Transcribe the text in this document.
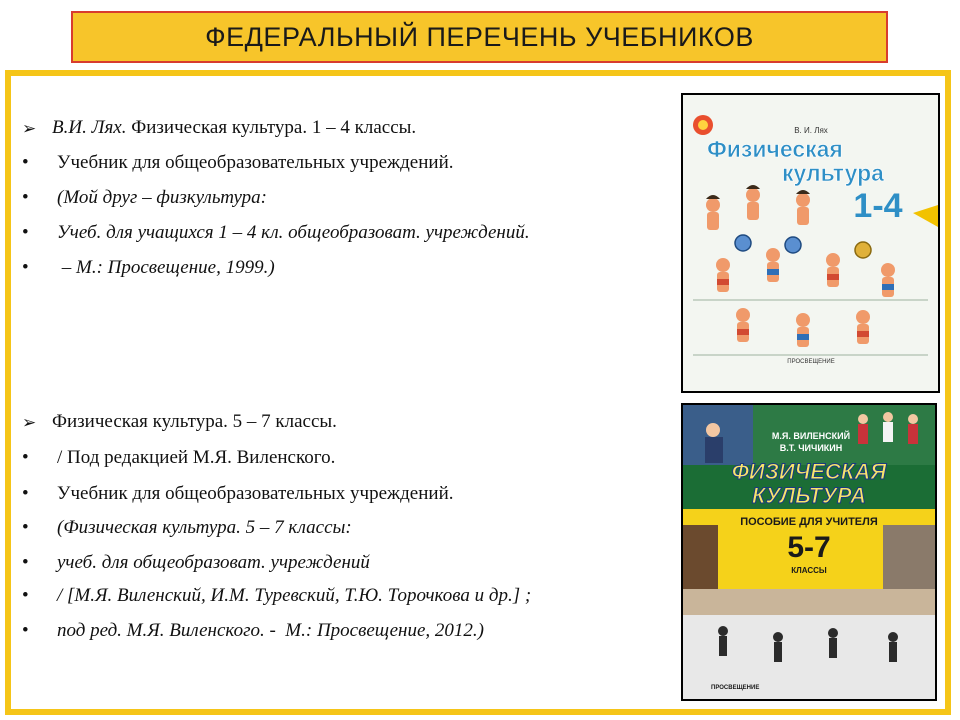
ФЕДЕРАЛЬНЫЙ ПЕРЕЧЕНЬ УЧЕБНИКОВ
➢ В.И. Лях. Физическая культура. 1 – 4 классы.
•	Учебник для общеобразовательных учреждений.
•	(Мой друг – физкультура:
•	Учеб. для учащихся 1 – 4 кл. общеобразоват. учреждений.
•	– М.: Просвещение, 1999.)
➢ Физическая культура. 5 – 7 классы.
•	/ Под редакцией М.Я. Виленского.
•	Учебник для общеобразовательных учреждений.
•	(Физическая культура. 5 – 7 классы:
•	учеб. для общеобразоват. учреждений
•	/ [М.Я. Виленский, И.М. Туревский, Т.Ю. Торочкова и др.] ;
•	под ред. М.Я. Виленского. -  М.: Просвещение, 2012.)
В. И. Лях
Физическая
культура
1-4
ПРОСВЕЩЕНИЕ
М.Я. ВИЛЕНСКИЙ
В.Т. ЧИЧИКИН
ФИЗИЧЕСКАЯ
КУЛЬТУРА
ПОСОБИЕ ДЛЯ УЧИТЕЛЯ
5-7
КЛАССЫ
ПРОСВЕЩЕНИЕ
